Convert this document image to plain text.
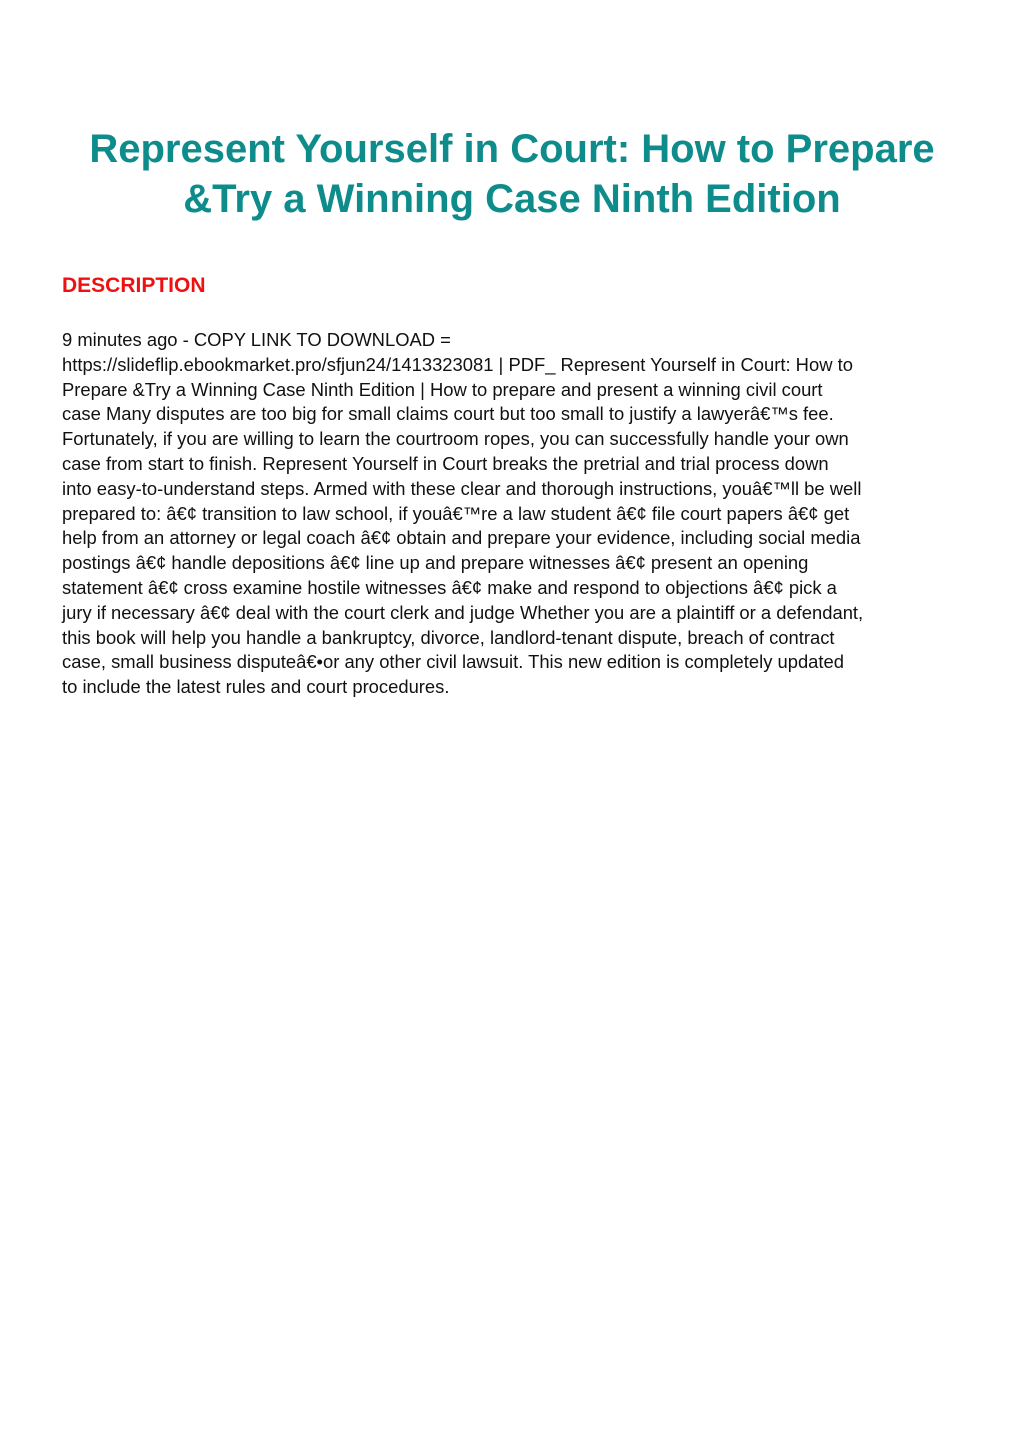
Represent Yourself in Court: How to Prepare
&Try a Winning Case Ninth Edition
DESCRIPTION
9 minutes ago - COPY LINK TO DOWNLOAD =
https://slideflip.ebookmarket.pro/sfjun24/1413323081 | PDF_ Represent Yourself in Court: How to
Prepare &Try a Winning Case Ninth Edition | How to prepare and present a winning civil court
case Many disputes are too big for small claims court but too small to justify a lawyerâ€™s fee.
Fortunately, if you are willing to learn the courtroom ropes, you can successfully handle your own
case from start to finish. Represent Yourself in Court breaks the pretrial and trial process down
into easy-to-understand steps. Armed with these clear and thorough instructions, youâ€™ll be well
prepared to: â€¢ transition to law school, if youâ€™re a law student â€¢ file court papers â€¢ get
help from an attorney or legal coach â€¢ obtain and prepare your evidence, including social media
postings â€¢ handle depositions â€¢ line up and prepare witnesses â€¢ present an opening
statement â€¢ cross examine hostile witnesses â€¢ make and respond to objections â€¢ pick a
jury if necessary â€¢ deal with the court clerk and judge Whether you are a plaintiff or a defendant,
this book will help you handle a bankruptcy, divorce, landlord-tenant dispute, breach of contract
case, small business disputeâ€•or any other civil lawsuit. This new edition is completely updated
to include the latest rules and court procedures.
